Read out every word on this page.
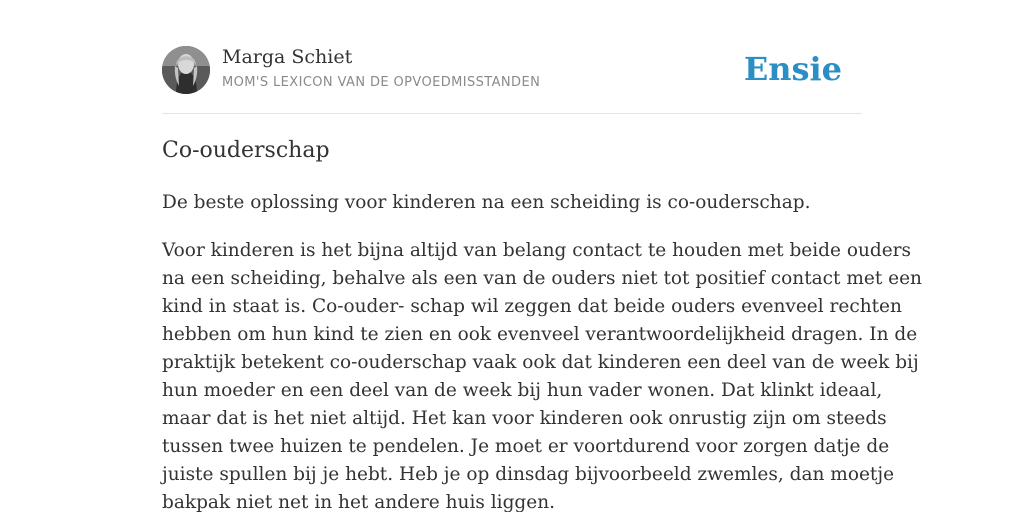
Marga Schiet
MOM'S LEXICON VAN DE OPVOEDMISSTANDEN	Ensie
Co-ouderschap

De beste oplossing voor kinderen na een scheiding is co-ouderschap.

Voor kinderen is het bijna altijd van belang contact te houden met beide ouders
na een scheiding, behalve als een van de ouders niet tot positief contact met een
kind in staat is. Co-ouder- schap wil zeggen dat beide ouders evenveel rechten
hebben om hun kind te zien en ook evenveel verantwoordelijkheid dragen. In de
praktijk betekent co-ouderschap vaak ook dat kinderen een deel van de week bij
hun moeder en een deel van de week bij hun vader wonen. Dat klinkt ideaal,
maar dat is het niet altijd. Het kan voor kinderen ook onrustig zijn om steeds
tussen twee huizen te pendelen. Je moet er voortdurend voor zorgen datje de
juiste spullen bij je hebt. Heb je op dinsdag bijvoorbeeld zwemles, dan moetje
bakpak niet net in het andere huis liggen.
